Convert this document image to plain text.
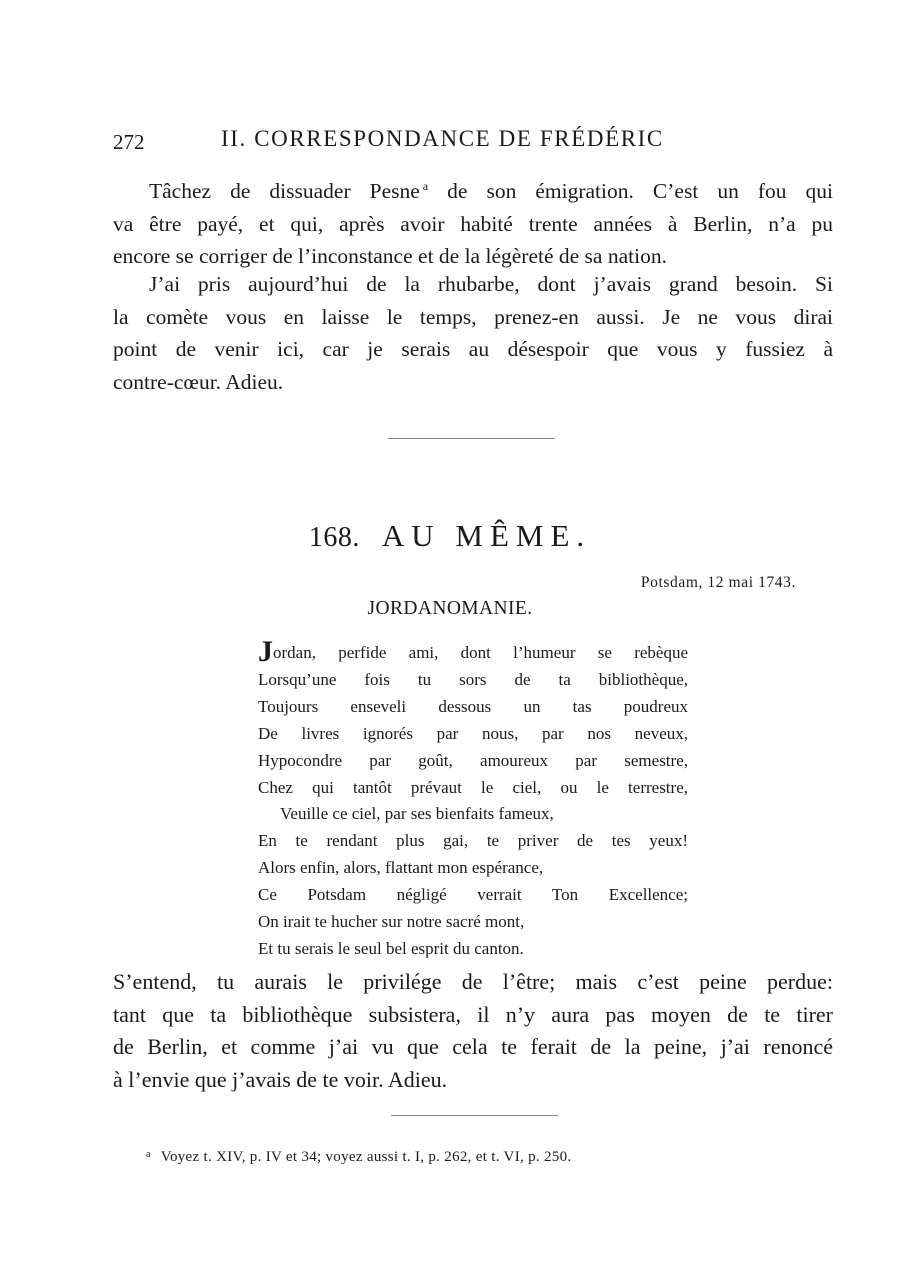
272	II. CORRESPONDANCE DE FRÉDÉRIC
Tâchez de dissuader Pesne $^a$ de son émigration. C’est un fou qui
va être payé, et qui, après avoir habité trente années à Berlin, n’a pu
encore se corriger de l’inconstance et de la légèreté de sa nation.
J’ai pris aujourd’hui de la rhubarbe, dont j’avais grand besoin. Si
la comète vous en laisse le temps, prenez-en aussi. Je ne vous dirai
point de venir ici, car je serais au désespoir que vous y fussiez à
contre-cœur. Adieu.
168. AU MÊME.
Potsdam, 12 mai 1743.
JORDANOMANIE.
Jordan, perfide ami, dont l’humeur se rebèque
Lorsqu’une fois tu sors de ta bibliothèque,
Toujours enseveli dessous un tas poudreux
De livres ignorés par nous, par nos neveux,
Hypocondre par goût, amoureux par semestre,
Chez qui tantôt prévaut le ciel, ou le terrestre,
Veuille ce ciel, par ses bienfaits fameux,
En te rendant plus gai, te priver de tes yeux!
Alors enfin, alors, flattant mon espérance,
Ce Potsdam négligé verrait Ton Excellence;
On irait te hucher sur notre sacré mont,
Et tu serais le seul bel esprit du canton.
S’entend, tu aurais le privilége de l’être; mais c’est peine perdue:
tant que ta bibliothèque subsistera, il n’y aura pas moyen de te tirer
de Berlin, et comme j’ai vu que cela te ferait de la peine, j’ai renoncé
à l’envie que j’avais de te voir. Adieu.
$^a$ Voyez t. XIV, p. IV et 34; voyez aussi t. I, p. 262, et t. VI, p. 250.
